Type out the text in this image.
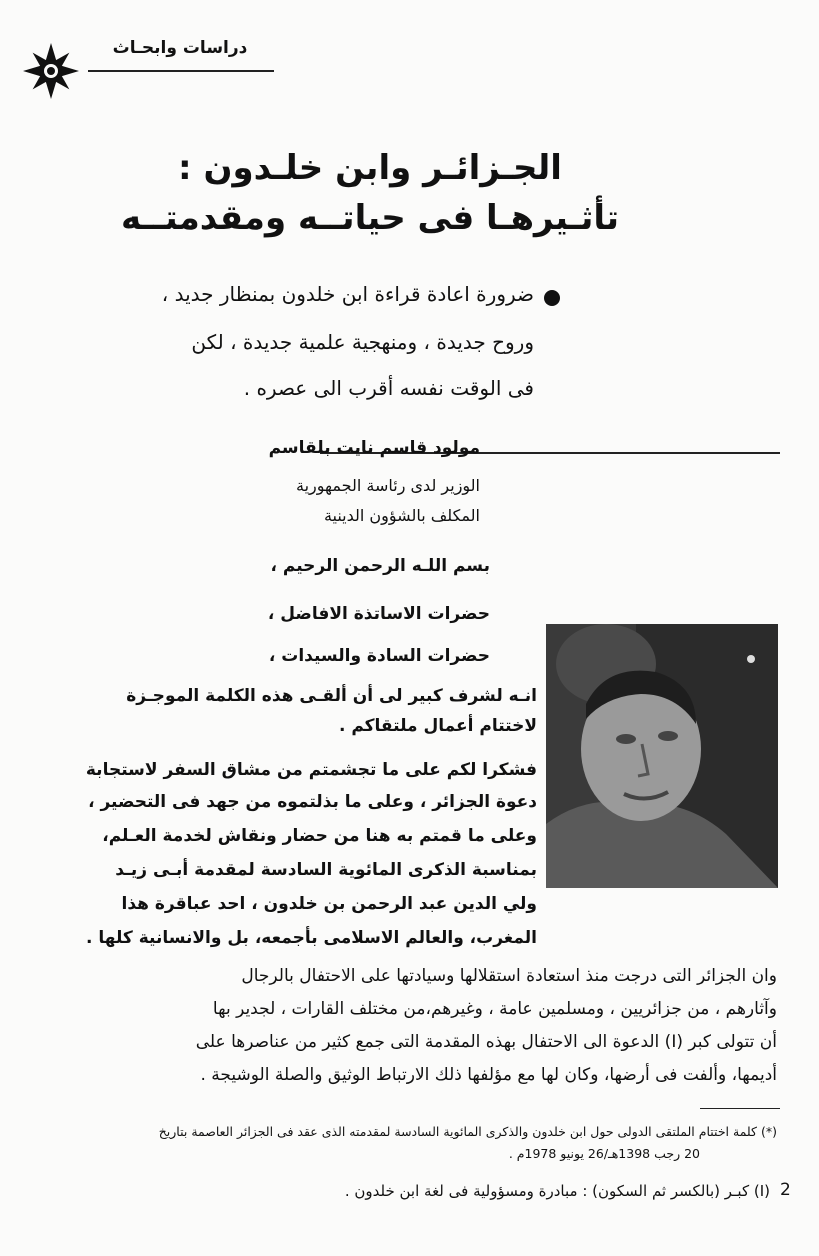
دراسات وابحـاث
الجـزائـر وابن خلـدون :
تأثـيرهـا فى حياتــه ومقدمتــه
ضرورة اعادة قراءة ابن خلدون بمنظار جديد ،
وروح جديدة ، ومنهجية علمية جديدة ، لكن
فى الوقت نفسه أقرب الى عصره .
مولود قاسم نايت بلقاسم
الوزير لدى رئاسة الجمهورية
المكلف بالشؤون الدينية
بسم اللـه الرحمن الرحيم ،
حضرات الاساتذة الافاضل ،
حضرات السادة والسيدات ،
انـه لشرف كبير لى أن ألقـى هذه الكلمة الموجـزة
لاختتام أعمال ملتقاكم .
فشكرا لكم على ما تجشمتم من مشاق السفر لاستجابة
دعوة الجزائر ، وعلى ما بذلتموه من جهد فى التحضير ،
وعلى ما قمتم به هنا من حضار ونقاش لخدمة العـلم،
بمناسبة الذكرى المائوية السادسة لمقدمة أبـى زيـد
ولي الدين عبد الرحمن بن خلدون ، احد عباقرة هذا
المغرب، والعالم الاسلامى بأجمعه، بل والانسانية كلها .
وان الجزائر التى درجت منذ استعادة استقلالها وسيادتها على الاحتفال بالرجال
وآثارهم ، من جزائريين ، ومسلمين عامة ، وغيرهم،من مختلف القارات ، لجدير بها
أن تتولى كبر (I) الدعوة الى الاحتفال بهذه المقدمة التى جمع كثير من عناصرها على
أديمها، وألفت فى أرضها، وكان لها مع مؤلفها ذلك الارتباط الوثيق والصلة الوشيجة .
(*) كلمة اختتام الملتقى الدولى حول ابن خلدون والذكرى المائوية السادسة لمقدمته الذى عقد فى الجزائر العاصمة بتاريخ
20 رجب 1398هـ/26 يونيو 1978م .
(I) كبـر (بالكسر ثم السكون) : مبادرة ومسؤولية فى لغة ابن خلدون . 2
